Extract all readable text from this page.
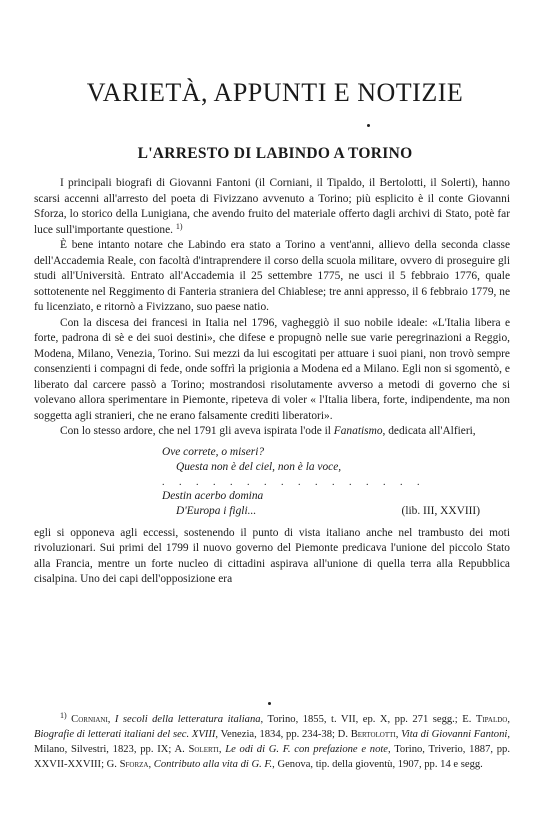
VARIETÀ, APPUNTI E NOTIZIE
L'ARRESTO DI LABINDO A TORINO

I principali biografi di Giovanni Fantoni (il Corniani, il Tipaldo, il Bertolotti, il Solerti), hanno scarsi accenni all'arresto del poeta di Fivizzano avvenuto a Torino; più esplicito è il conte Giovanni Sforza, lo storico della Lunigiana, che avendo fruito del materiale offerto dagli archivi di Stato, potè far luce sull'importante questione. $^{1)}$

È bene intanto notare che Labindo era stato a Torino a vent'anni, allievo della seconda classe dell'Accademia Reale, con facoltà d'intraprendere il corso della scuola militare, ovvero di proseguire gli studi all'Università. Entrato all'Accademia il 25 settembre 1775, ne usci il 5 febbraio 1776, quale sottotenente nel Reggimento di Fanteria straniera del Chiablese; tre anni appresso, il 6 febbraio 1779, ne fu licenziato, e ritornò a Fivizzano, suo paese natio.

Con la discesa dei francesi in Italia nel 1796, vagheggiò il suo nobile ideale: «L'Italia libera e forte, padrona di sè e dei suoi destini», che difese e propugnò nelle sue varie peregrinazioni a Reggio, Modena, Milano, Venezia, Torino. Sui mezzi da lui escogitati per attuare i suoi piani, non trovò sempre consenzienti i compagni di fede, onde soffrì la prigionia a Modena ed a Milano. Egli non si sgomentò, e liberato dal carcere passò a Torino; mostrandosi risolutamente avverso a metodi di governo che si volevano allora sperimentare in Piemonte, ripeteva di voler « l'Italia libera, forte, indipendente, ma non soggetta agli stranieri, che ne erano falsamente crediti liberatori».

Con lo stesso ardore, che nel 1791 gli aveva ispirata l'ode il Fanatismo, dedicata all'Alfieri,

Ove correte, o miseri?
Questa non è del ciel, non è la voce,
. . . . . . . . . . . . . . . .
Destin acerbo domina
D'Europa i figli...	(lib. III, XXVIII)

egli si opponeva agli eccessi, sostenendo il punto di vista italiano anche nel trambusto dei moti rivoluzionari. Sui primi del 1799 il nuovo governo del Piemonte predicava l'unione del piccolo Stato alla Francia, mentre un forte nucleo di cittadini aspirava all'unione di quella terra alla Repubblica cisalpina. Uno dei capi dell'opposizione era

$^{1)}$ Corniani, I secoli della letteratura italiana, Torino, 1855, t. VII, ep. X, pp. 271 segg.; E. Tipaldo, Biografie di letterati italiani del sec. XVIII, Venezia, 1834, pp. 234-38; D. Bertolotti, Vita di Giovanni Fantoni, Milano, Silvestri, 1823, pp. IX; A. Solerti, Le odi di G. F. con prefazione e note, Torino, Triverio, 1887, pp. XXVII-XXVIII; G. Sforza, Contributo alla vita di G. F., Genova, tip. della gioventù, 1907, pp. 14 e segg.
